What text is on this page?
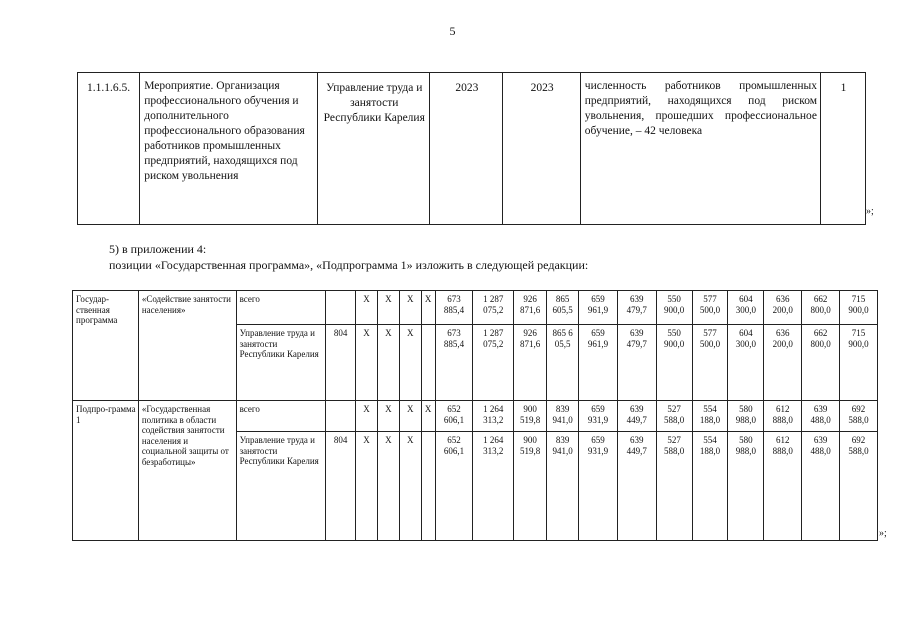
5
1.1.1.6.5.	Мероприятие. Организация профессионального обучения и дополнительного профессионального образования работников промышленных предприятий, находящихся под риском увольнения	Управление труда и занятости Республики Карелия	2023	2023	численность работников промышленных предприятий, находящихся под риском увольнения, прошедших профессиональное обучение, – 42 человека	1
»;
5) в приложении 4:
позиции «Государственная программа», «Подпрограмма 1» изложить в следующей редакции:
Государ-ственная программа	«Содействие занятости населения»	всего		Х	Х	Х	Х	673 885,4	1 287 075,2	926 871,6	865 605,5	659 961,9	639 479,7	550 900,0	577 500,0	604 300,0	636 200,0	662 800,0	715 900,0
		Управление труда и занятости Республики Карелия	804	Х	Х	Х		673 885,4	1 287 075,2	926 871,6	865 6 05,5	659 961,9	639 479,7	550 900,0	577 500,0	604 300,0	636 200,0	662 800,0	715 900,0
Подпро-грамма 1	«Государственная политика в области содействия занятости населения и социальной защиты от безработицы»	всего		Х	Х	Х	Х	652 606,1	1 264 313,2	900 519,8	839 941,0	659 931,9	639 449,7	527 588,0	554 188,0	580 988,0	612 888,0	639 488,0	692 588,0
		Управление труда и занятости Республики Карелия	804	Х	Х	Х		652 606,1	1 264 313,2	900 519,8	839 941,0	659 931,9	639 449,7	527 588,0	554 188,0	580 988,0	612 888,0	639 488,0	692 588,0
»;
